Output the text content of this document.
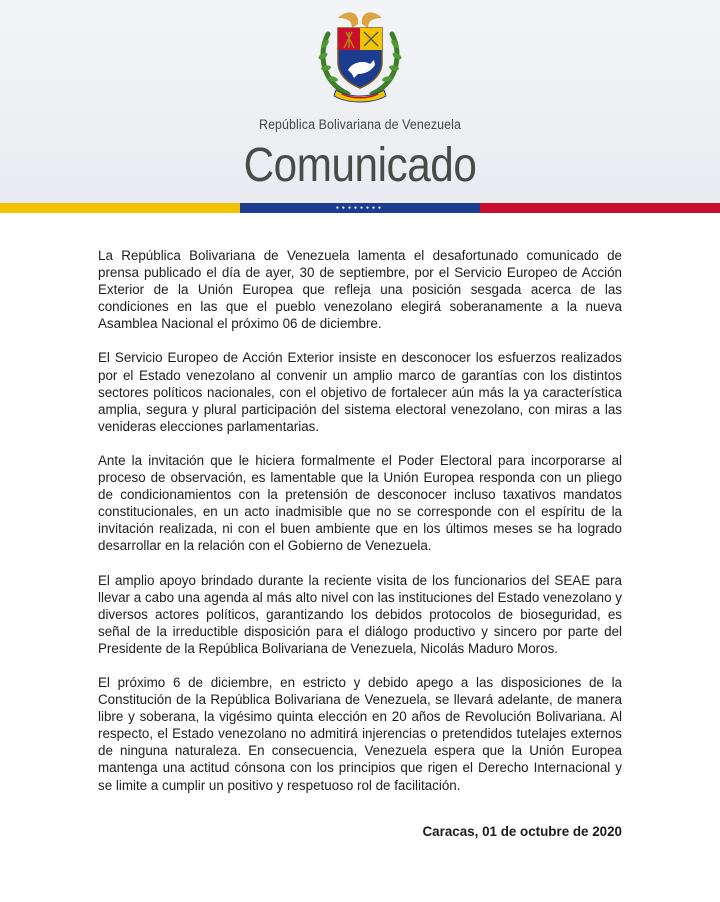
República Bolivariana de Venezuela
Comunicado
●●●●●●●●

La República Bolivariana de Venezuela lamenta el desafortunado comunicado de prensa publicado el día de ayer, 30 de septiembre, por el Servicio Europeo de Acción Exterior de la Unión Europea que refleja una posición sesgada acerca de las condiciones en las que el pueblo venezolano elegirá soberanamente a la nueva Asamblea Nacional el próximo 06 de diciembre.

El Servicio Europeo de Acción Exterior insiste en desconocer los esfuerzos realizados por el Estado venezolano al convenir un amplio marco de garantías con los distintos sectores políticos nacionales, con el objetivo de fortalecer aún más la ya característica amplia, segura y plural participación del sistema electoral venezolano, con miras a las venideras elecciones parlamentarias.

Ante la invitación que le hiciera formalmente el Poder Electoral para incorporarse al proceso de observación, es lamentable que la Unión Europea responda con un pliego de condicionamientos con la pretensión de desconocer incluso taxativos mandatos constitucionales, en un acto inadmisible que no se corresponde con el espíritu de la invitación realizada, ni con el buen ambiente que en los últimos meses se ha logrado desarrollar en la relación con el Gobierno de Venezuela.

El amplio apoyo brindado durante la reciente visita de los funcionarios del SEAE para llevar a cabo una agenda al más alto nivel con las instituciones del Estado venezolano y diversos actores políticos, garantizando los debidos protocolos de bioseguridad, es señal de la irreductible disposición para el diálogo productivo y sincero por parte del Presidente de la República Bolivariana de Venezuela, Nicolás Maduro Moros.

El próximo 6 de diciembre, en estricto y debido apego a las disposiciones de la Constitución de la República Bolivariana de Venezuela, se llevará adelante, de manera libre y soberana, la vigésimo quinta elección en 20 años de Revolución Bolivariana. Al respecto, el Estado venezolano no admitirá injerencias o pretendidos tutelajes externos de ninguna naturaleza. En consecuencia, Venezuela espera que la Unión Europea mantenga una actitud cónsona con los principios que rigen el Derecho Internacional y se limite a cumplir un positivo y respetuoso rol de facilitación.

Caracas, 01 de octubre de 2020
